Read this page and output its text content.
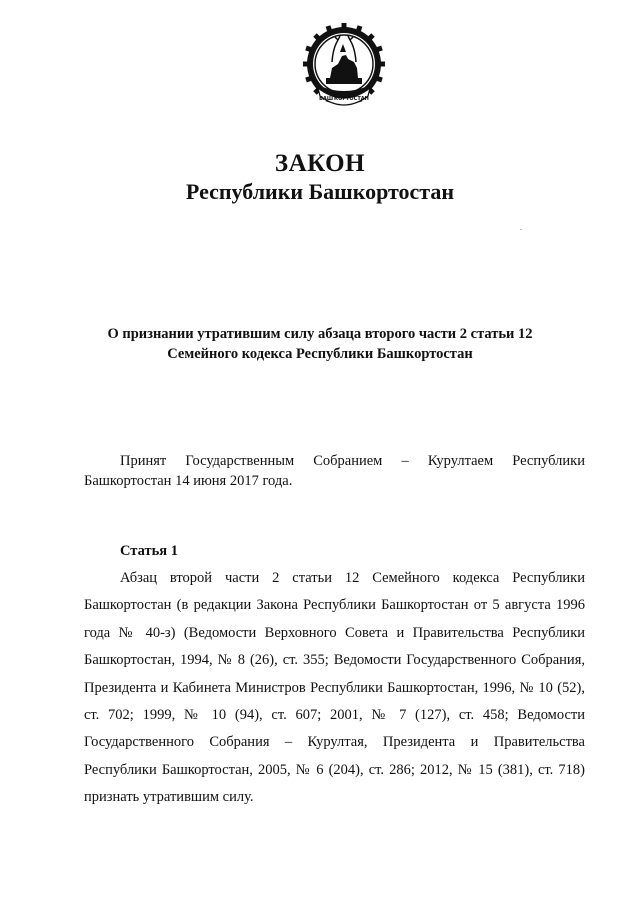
БАШҠОРТОСТАН
ЗАКОН
Республики Башкортостан
О признании утратившим силу абзаца второго части 2 статьи 12
Семейного кодекса Республики Башкортостан

Принят Государственным Собранием – Курултаем Республики Башкортостан 14 июня 2017 года.

Статья 1

Абзац второй части 2 статьи 12 Семейного кодекса Республики Башкортостан (в редакции Закона Республики Башкортостан от 5 августа 1996 года № 40-з) (Ведомости Верховного Совета и Правительства Республики Башкортостан, 1994, № 8 (26), ст. 355; Ведомости Государственного Собрания, Президента и Кабинета Министров Республики Башкортостан, 1996, № 10 (52), ст. 702; 1999, № 10 (94), ст. 607; 2001, № 7 (127), ст. 458; Ведомости Государственного Собрания – Курултая, Президента и Правительства Республики Башкортостан, 2005, № 6 (204), ст. 286; 2012, № 15 (381), ст. 718) признать утратившим силу.
